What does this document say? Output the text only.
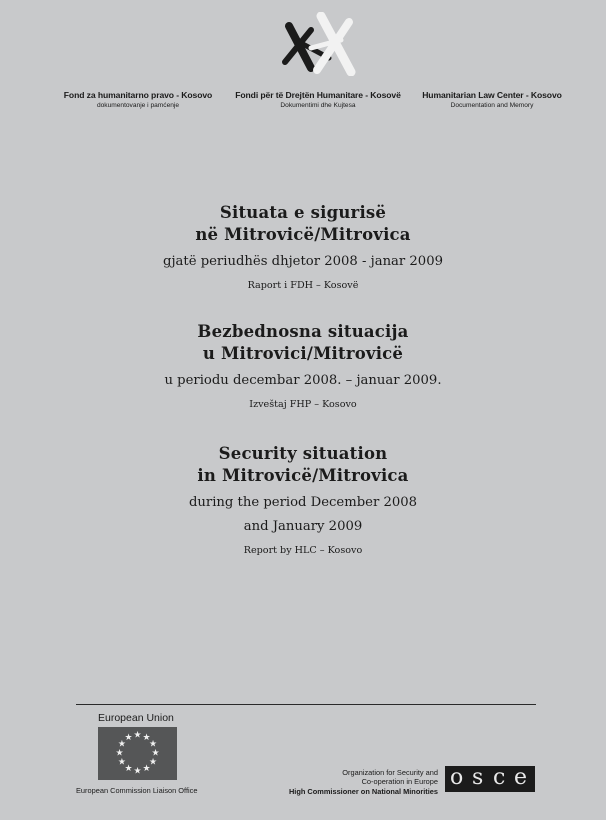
Fond za humanitarno pravo - Kosovo
dokumentovanje i pamćenje
Fondi për të Drejtën Humanitare - Kosovë
Dokumentimi dhe Kujtesa
Humanitarian Law Center - Kosovo
Documentation and Memory
Situata e sigurisë
në Mitrovicë/Mitrovica
gjatë periudhës dhjetor 2008 - janar 2009
Raport i FDH – Kosovë
Bezbednosna situacija
u Mitrovici/Mitrovicë
u periodu decembar 2008. – januar 2009.
Izveštaj FHP – Kosovo
Security situation
in Mitrovicë/Mitrovica
during the period December 2008
and January 2009
Report by HLC – Kosovo
European Union
★ ★
★
★
★
★
★
★
★
★
★
★
European Commission Liaison Office
Organization for Security and
Co-operation in Europe
High Commissioner on National Minorities
o s c e
